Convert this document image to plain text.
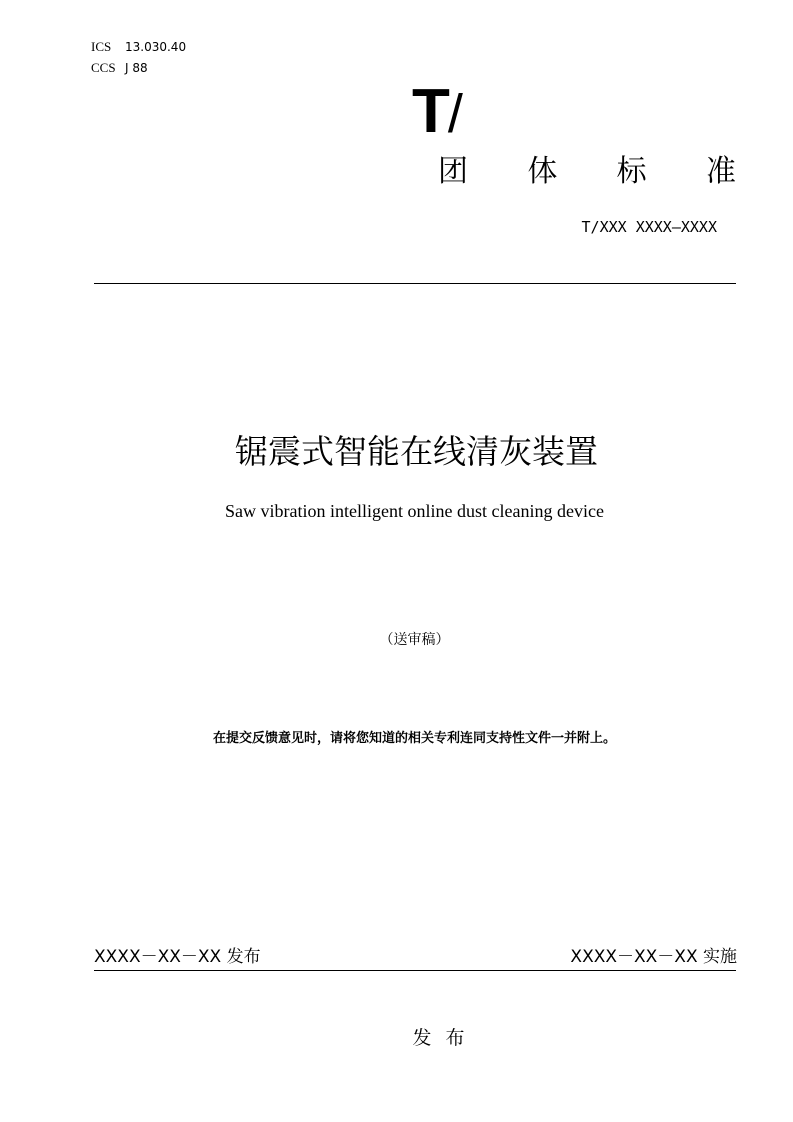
ICS 13.030.40
CCS J 88
T/
团 体 标 准
T/XXX XXXX—XXXX
锯震式智能在线清灰装置
Saw vibration intelligent online dust cleaning device
（送审稿）
在提交反馈意见时，请将您知道的相关专利连同支持性文件一并附上。
XXXX－XX－XX 发布	XXXX－XX－XX 实施
发布
